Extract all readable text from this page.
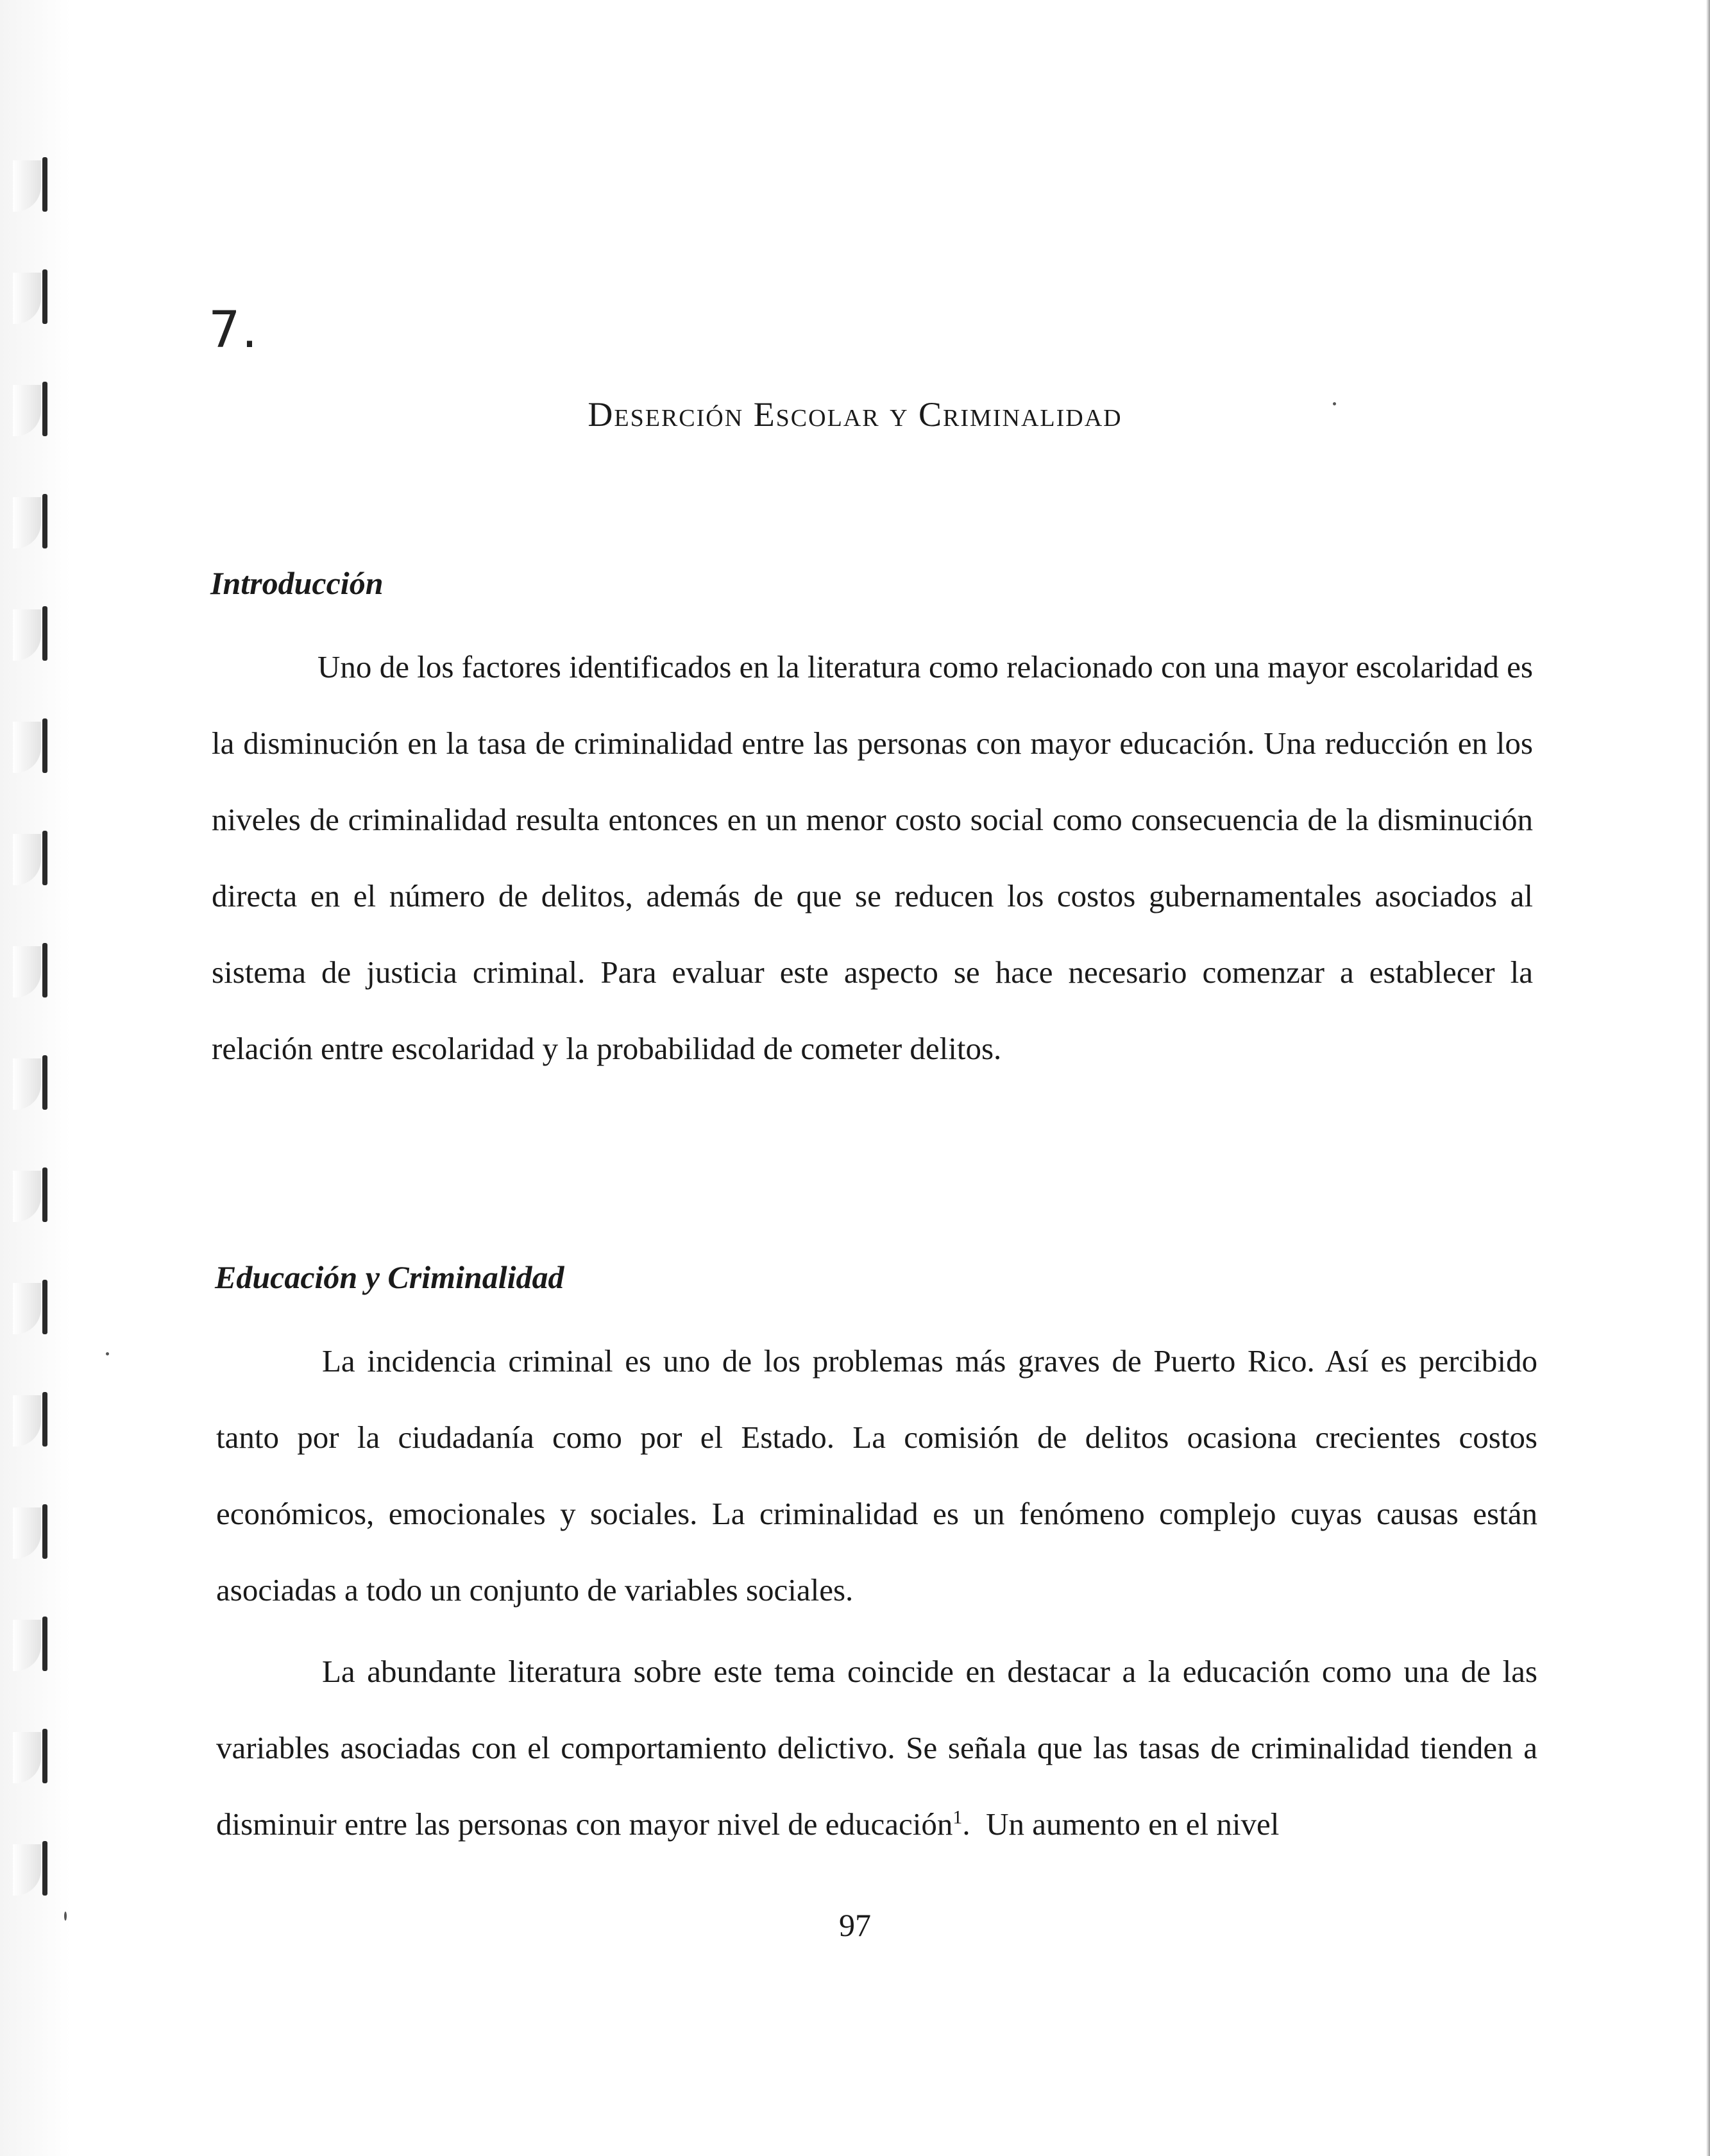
7.
Deserción Escolar y Criminalidad
Introducción
Uno de los factores identificados en la literatura como relacionado con una mayor escolaridad es la disminución en la tasa de criminalidad entre las personas con mayor educación. Una reducción en los niveles de criminalidad resulta entonces en un menor costo social como consecuencia de la disminución directa en el número de delitos, además de que se reducen los costos gubernamentales asociados al sistema de justicia criminal. Para evaluar este aspecto se hace necesario comenzar a establecer la relación entre escolaridad y la probabilidad de cometer delitos.
Educación y Criminalidad
La incidencia criminal es uno de los problemas más graves de Puerto Rico. Así es percibido tanto por la ciudadanía como por el Estado. La comisión de delitos ocasiona crecientes costos económicos, emocionales y sociales. La criminalidad es un fenómeno complejo cuyas causas están asociadas a todo un conjunto de variables sociales.
La abundante literatura sobre este tema coincide en destacar a la educación como una de las variables asociadas con el comportamiento delictivo. Se señala que las tasas de criminalidad tienden a disminuir entre las personas con mayor nivel de educación$^1$.  Un aumento en el nivel
97
